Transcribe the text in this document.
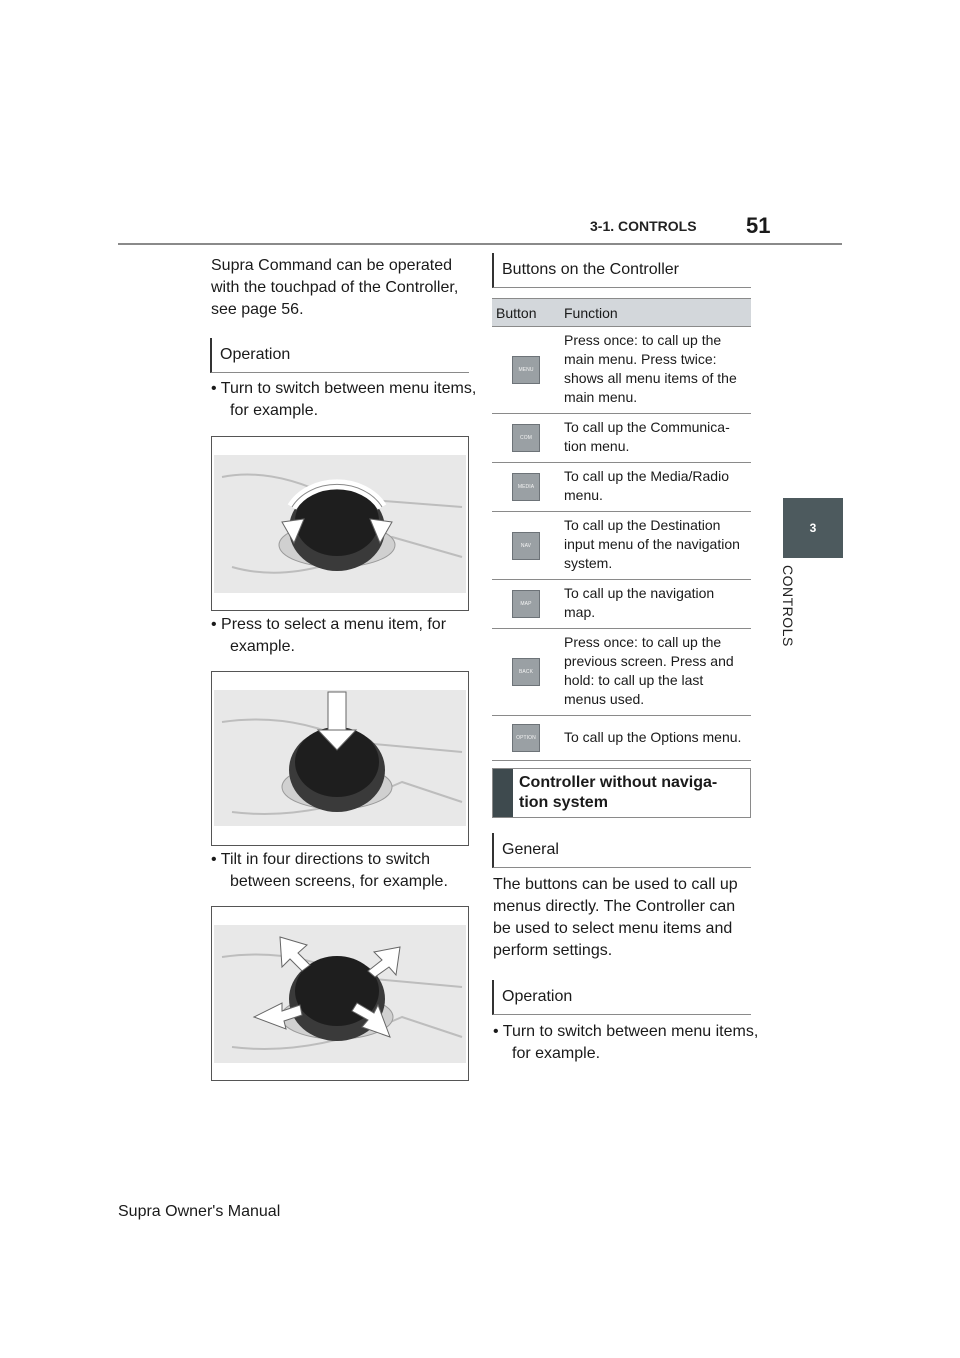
3-1. CONTROLS 51
3
CONTROLS
Supra Command can be operated with the touchpad of the Controller, see page 56.
Operation
• Turn to switch between menu items, for example.
• Press to select a menu item, for example.
• Tilt in four directions to switch between screens, for example.
Buttons on the Controller
Button	Function
MENU	Press once: to call up the main menu. Press twice: shows all menu items of the main menu.
COM	To call up the Communica-tion menu.
MEDIA	To call up the Media/Radio menu.
NAV	To call up the Destination input menu of the navigation system.
MAP	To call up the navigation map.
BACK	Press once: to call up the previous screen. Press and hold: to call up the last menus used.
OPTION	To call up the Options menu.
Controller without naviga-tion system
General
The buttons can be used to call up menus directly. The Controller can be used to select menu items and perform settings.
Operation
• Turn to switch between menu items, for example.
Supra Owner's Manual
